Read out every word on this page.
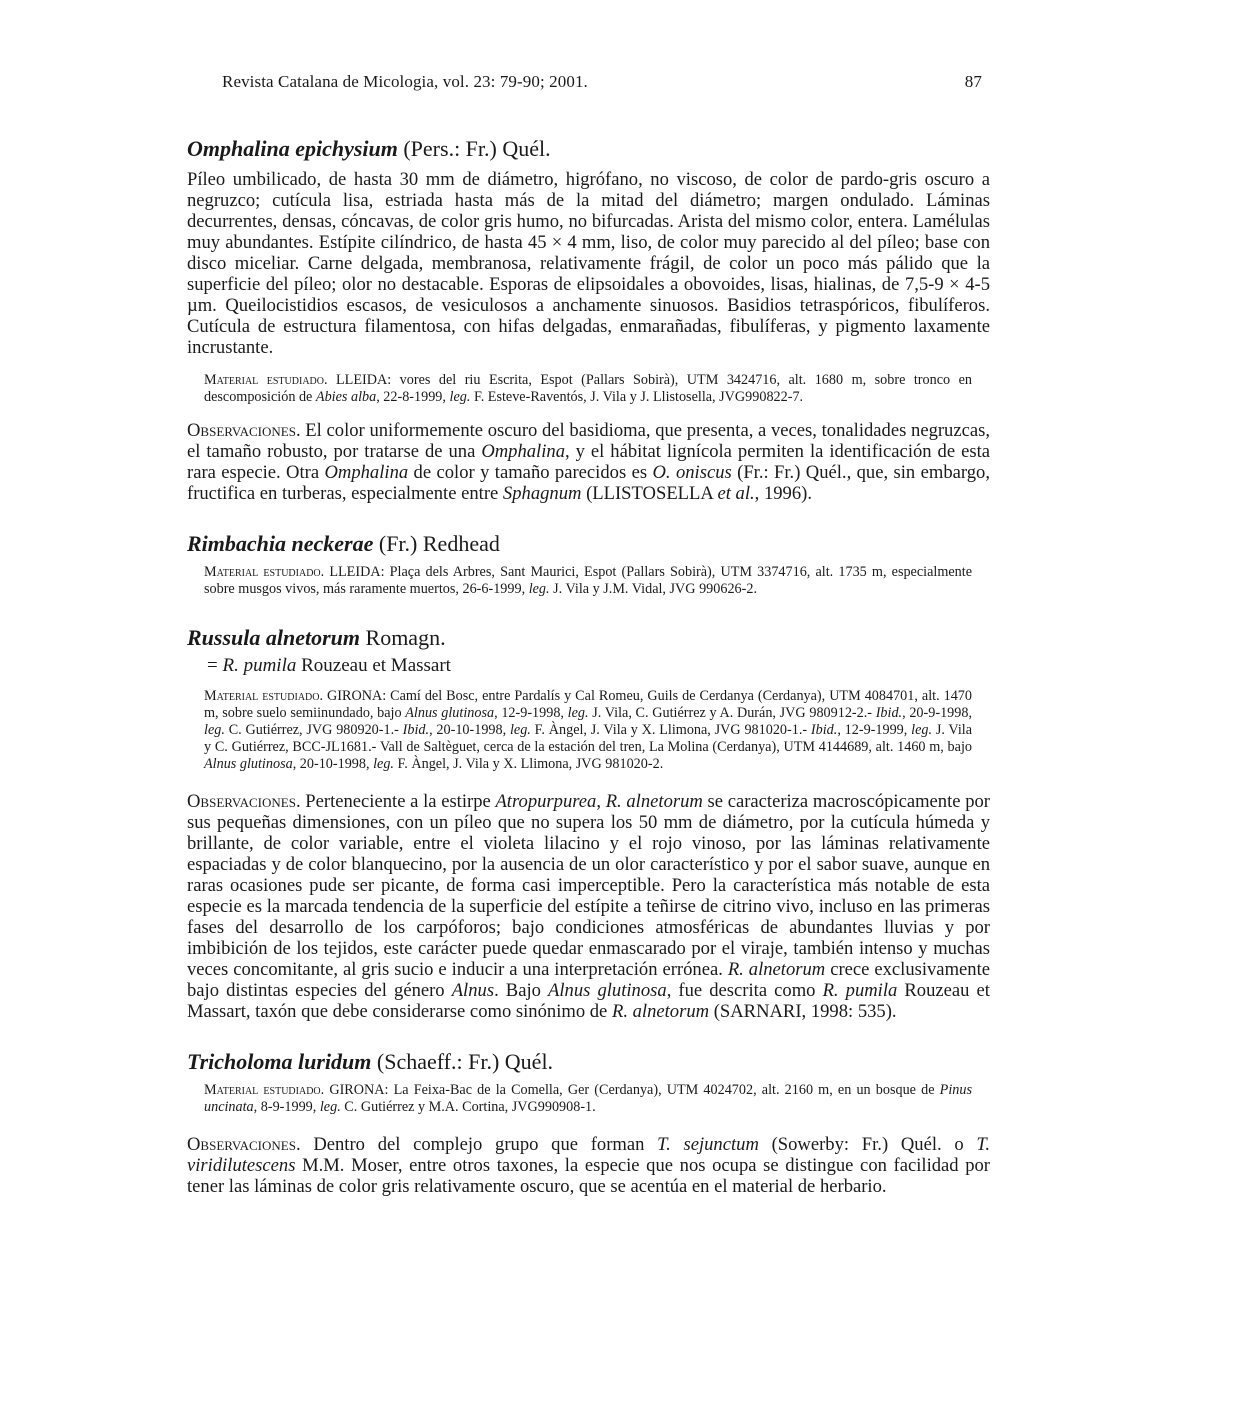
Revista Catalana de Micologia, vol. 23: 79-90; 2001.	87
Omphalina epichysium (Pers.: Fr.) Quél.

Píleo umbilicado, de hasta 30 mm de diámetro, higrófano, no viscoso, de color de pardo-gris oscuro a negruzco; cutícula lisa, estriada hasta más de la mitad del diámetro; margen ondulado. Láminas decurrentes, densas, cóncavas, de color gris humo, no bifurcadas. Arista del mismo color, entera. Lamélulas muy abundantes. Estípite cilíndrico, de hasta 45 × 4 mm, liso, de color muy parecido al del píleo; base con disco miceliar. Carne delgada, membranosa, relativamente frágil, de color un poco más pálido que la superficie del píleo; olor no destacable. Esporas de elipsoidales a obovoides, lisas, hialinas, de 7,5-9 × 4-5 µm. Queilocistidios escasos, de vesiculosos a anchamente sinuosos. Basidios tetraspóricos, fibulíferos. Cutícula de estructura filamentosa, con hifas delgadas, enmarañadas, fibulíferas, y pigmento laxamente incrustante.

Material estudiado. LLEIDA: vores del riu Escrita, Espot (Pallars Sobirà), UTM 3424716, alt. 1680 m, sobre tronco en descomposición de Abies alba, 22-8-1999, leg. F. Esteve-Raventós, J. Vila y J. Llistosella, JVG990822-7.

Observaciones. El color uniformemente oscuro del basidioma, que presenta, a veces, tonalidades negruzcas, el tamaño robusto, por tratarse de una Omphalina, y el hábitat lignícola permiten la identificación de esta rara especie. Otra Omphalina de color y tamaño parecidos es O. oniscus (Fr.: Fr.) Quél., que, sin embargo, fructifica en turberas, especialmente entre Sphagnum (LLISTOSELLA et al., 1996).

Rimbachia neckerae (Fr.) Redhead

Material estudiado. LLEIDA: Plaça dels Arbres, Sant Maurici, Espot (Pallars Sobirà), UTM 3374716, alt. 1735 m, especialmente sobre musgos vivos, más raramente muertos, 26-6-1999, leg. J. Vila y J.M. Vidal, JVG 990626-2.

Russula alnetorum Romagn.
= R. pumila Rouzeau et Massart

Material estudiado. GIRONA: Camí del Bosc, entre Pardalís y Cal Romeu, Guils de Cerdanya (Cerdanya), UTM 4084701, alt. 1470 m, sobre suelo semiinundado, bajo Alnus glutinosa, 12-9-1998, leg. J. Vila, C. Gutiérrez y A. Durán, JVG 980912-2.- Ibid., 20-9-1998, leg. C. Gutiérrez, JVG 980920-1.- Ibid., 20-10-1998, leg. F. Àngel, J. Vila y X. Llimona, JVG 981020-1.- Ibid., 12-9-1999, leg. J. Vila y C. Gutiérrez, BCC-JL1681.- Vall de Saltèguet, cerca de la estación del tren, La Molina (Cerdanya), UTM 4144689, alt. 1460 m, bajo Alnus glutinosa, 20-10-1998, leg. F. Àngel, J. Vila y X. Llimona, JVG 981020-2.

Observaciones. Perteneciente a la estirpe Atropurpurea, R. alnetorum se caracteriza macroscópicamente por sus pequeñas dimensiones, con un píleo que no supera los 50 mm de diámetro, por la cutícula húmeda y brillante, de color variable, entre el violeta lilacino y el rojo vinoso, por las láminas relativamente espaciadas y de color blanquecino, por la ausencia de un olor característico y por el sabor suave, aunque en raras ocasiones pude ser picante, de forma casi imperceptible. Pero la característica más notable de esta especie es la marcada tendencia de la superficie del estípite a teñirse de citrino vivo, incluso en las primeras fases del desarrollo de los carpóforos; bajo condiciones atmosféricas de abundantes lluvias y por imbibición de los tejidos, este carácter puede quedar enmascarado por el viraje, también intenso y muchas veces concomitante, al gris sucio e inducir a una interpretación errónea. R. alnetorum crece exclusivamente bajo distintas especies del género Alnus. Bajo Alnus glutinosa, fue descrita como R. pumila Rouzeau et Massart, taxón que debe considerarse como sinónimo de R. alnetorum (SARNARI, 1998: 535).

Tricholoma luridum (Schaeff.: Fr.) Quél.

Material estudiado. GIRONA: La Feixa-Bac de la Comella, Ger (Cerdanya), UTM 4024702, alt. 2160 m, en un bosque de Pinus uncinata, 8-9-1999, leg. C. Gutiérrez y M.A. Cortina, JVG990908-1.

Observaciones. Dentro del complejo grupo que forman T. sejunctum (Sowerby: Fr.) Quél. o T. viridilutescens M.M. Moser, entre otros taxones, la especie que nos ocupa se distingue con facilidad por tener las láminas de color gris relativamente oscuro, que se acentúa en el material de herbario.
